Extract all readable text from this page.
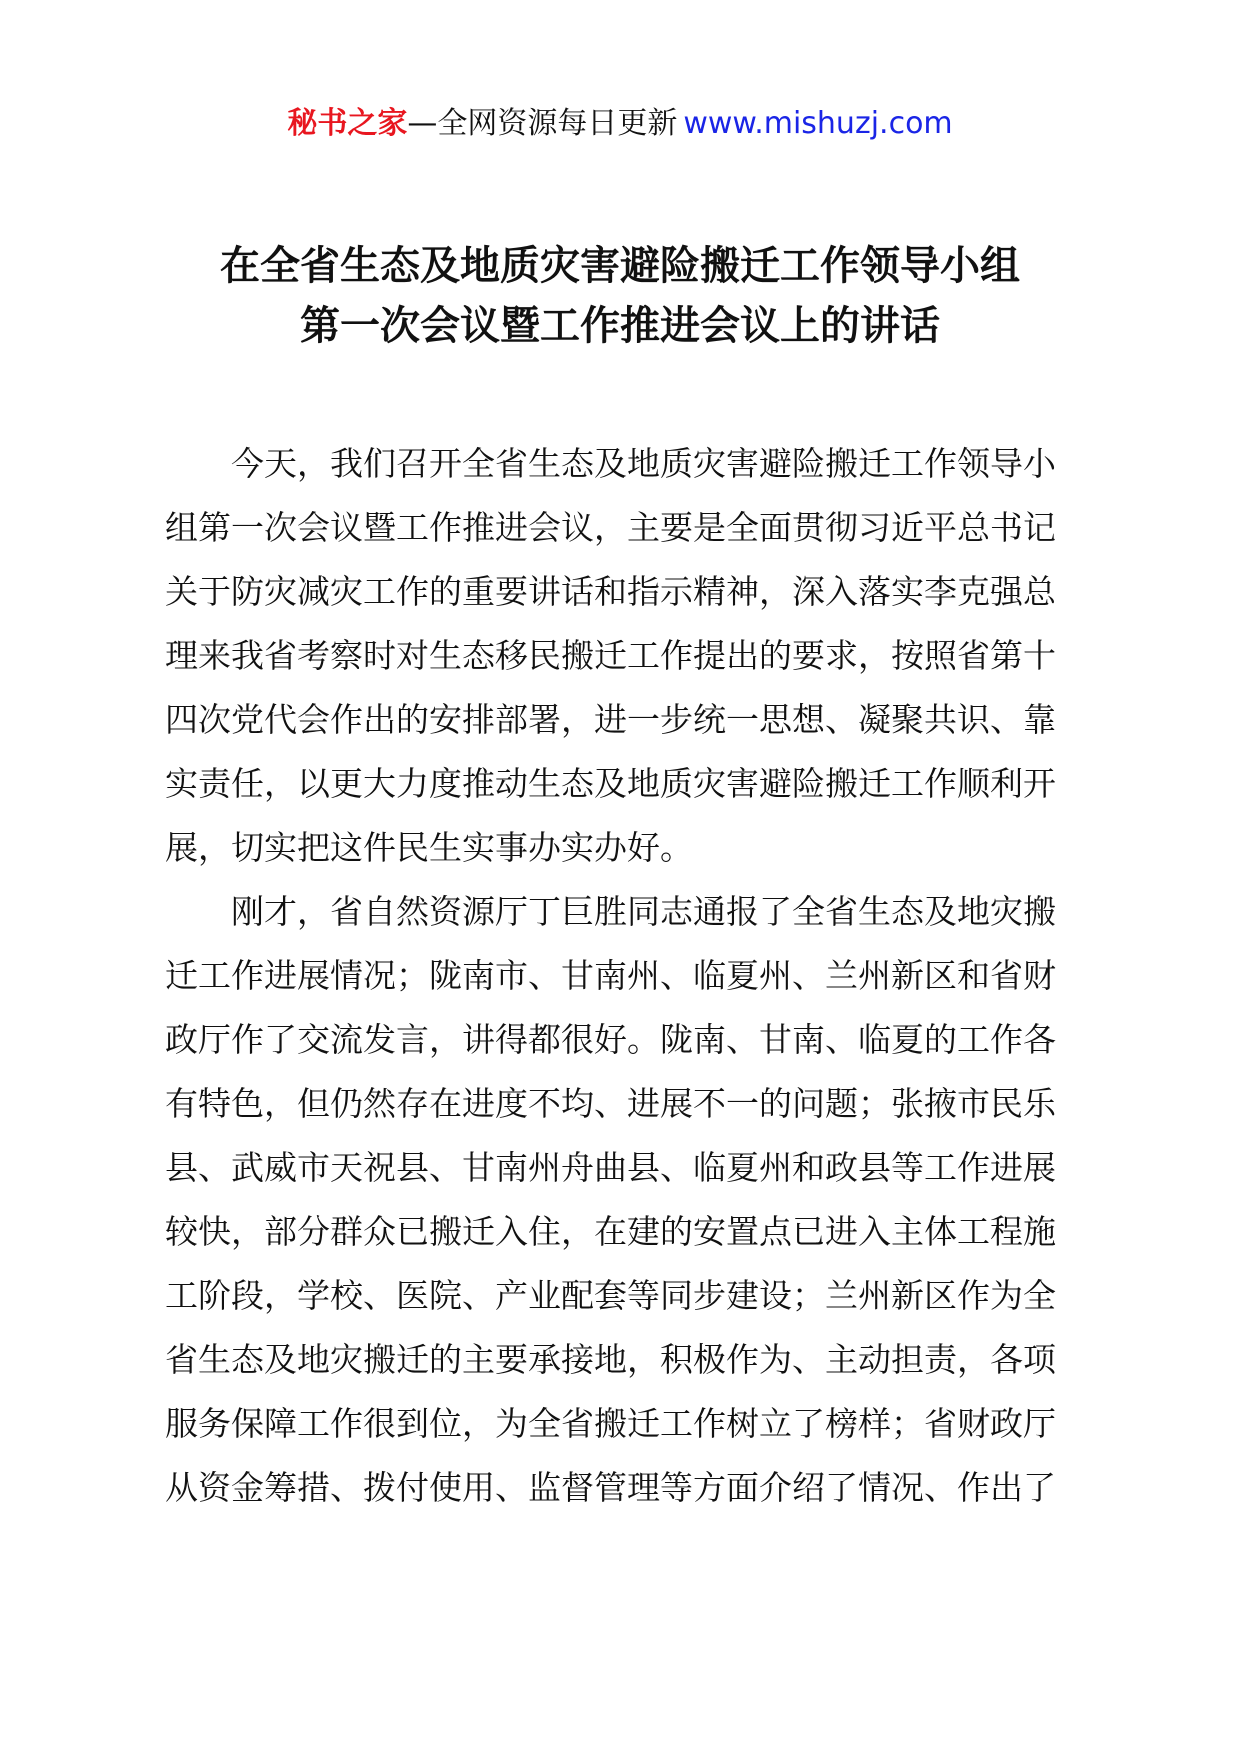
秘书之家—全网资源每日更新 www.mishuzj.com
在全省生态及地质灾害避险搬迁工作领导小组
第一次会议暨工作推进会议上的讲话
今天，我们召开全省生态及地质灾害避险搬迁工作领导小
组第一次会议暨工作推进会议，主要是全面贯彻习近平总书记
关于防灾减灾工作的重要讲话和指示精神，深入落实李克强总
理来我省考察时对生态移民搬迁工作提出的要求，按照省第十
四次党代会作出的安排部署，进一步统一思想、凝聚共识、靠
实责任，以更大力度推动生态及地质灾害避险搬迁工作顺利开
展，切实把这件民生实事办实办好。
刚才，省自然资源厅丁巨胜同志通报了全省生态及地灾搬
迁工作进展情况；陇南市、甘南州、临夏州、兰州新区和省财
政厅作了交流发言，讲得都很好。陇南、甘南、临夏的工作各
有特色，但仍然存在进度不均、进展不一的问题；张掖市民乐
县、武威市天祝县、甘南州舟曲县、临夏州和政县等工作进展
较快，部分群众已搬迁入住，在建的安置点已进入主体工程施
工阶段，学校、医院、产业配套等同步建设；兰州新区作为全
省生态及地灾搬迁的主要承接地，积极作为、主动担责，各项
服务保障工作很到位，为全省搬迁工作树立了榜样；省财政厅
从资金筹措、拨付使用、监督管理等方面介绍了情况、作出了
